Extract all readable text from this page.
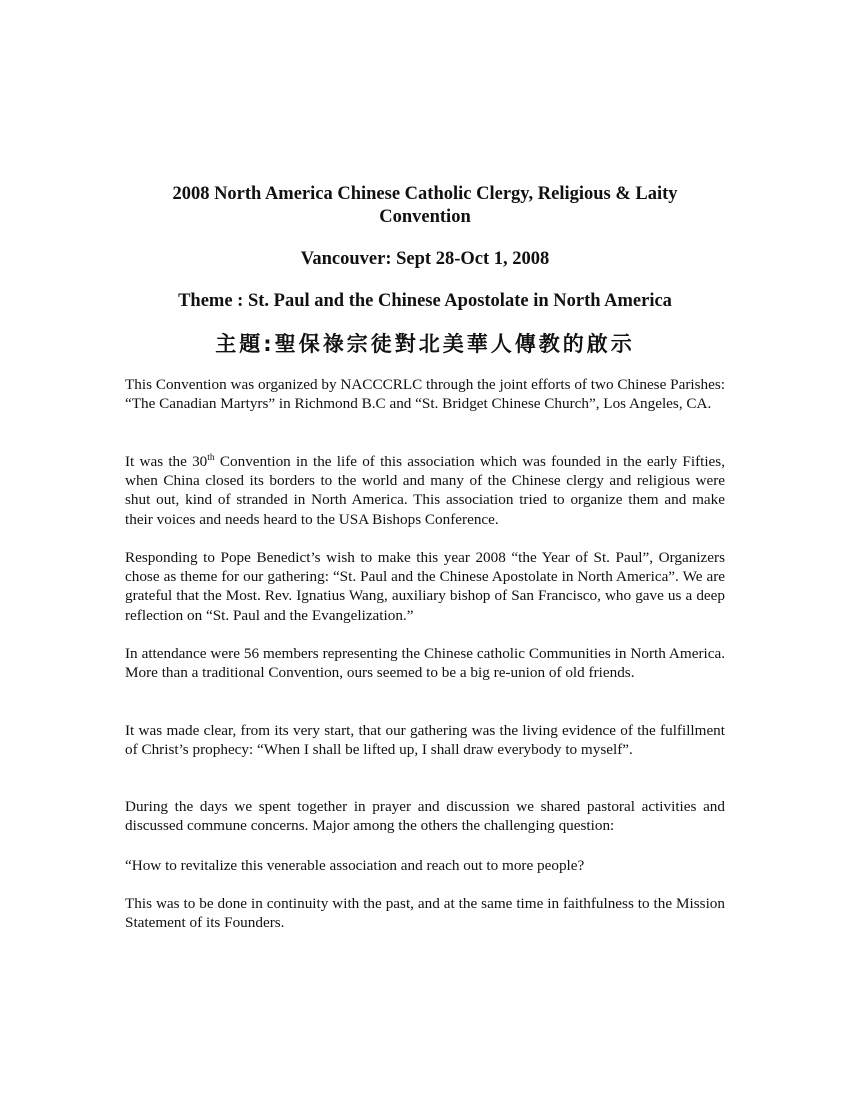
2008 North America Chinese Catholic Clergy, Religious & Laity Convention
Vancouver: Sept 28-Oct 1, 2008
Theme : St. Paul and the Chinese Apostolate in North America
主題:聖保祿宗徒對北美華人傳教的啟示

This Convention was organized by NACCCRLC through the joint efforts of two Chinese Parishes: “The Canadian Martyrs” in Richmond B.C and “St. Bridget Chinese Church”, Los Angeles, CA.

It was the 30th Convention in the life of this association which was founded in the early Fifties, when China closed its borders to the world and many of the Chinese clergy and religious were shut out, kind of stranded in North America. This association tried to organize them and make their voices and needs heard to the USA Bishops Conference.

Responding to Pope Benedict’s wish to make this year 2008 “the Year of St. Paul”, Organizers chose as theme for our gathering: “St. Paul and the Chinese Apostolate in North America”. We are grateful that the Most. Rev. Ignatius Wang, auxiliary bishop of San Francisco, who gave us a deep reflection on “St. Paul and the Evangelization.”

In attendance were 56 members representing the Chinese catholic Communities in North America. More than a traditional Convention, ours seemed to be a big re-union of old friends.

It was made clear, from its very start, that our gathering was the living evidence of the fulfillment of Christ’s prophecy: “When I shall be lifted up, I shall draw everybody to myself”.

During the days we spent together in prayer and discussion we shared pastoral activities and discussed commune concerns. Major among the others the challenging question:

“How to revitalize this venerable association and reach out to more people?

This was to be done in continuity with the past, and at the same time in faithfulness to the Mission Statement of its Founders.
